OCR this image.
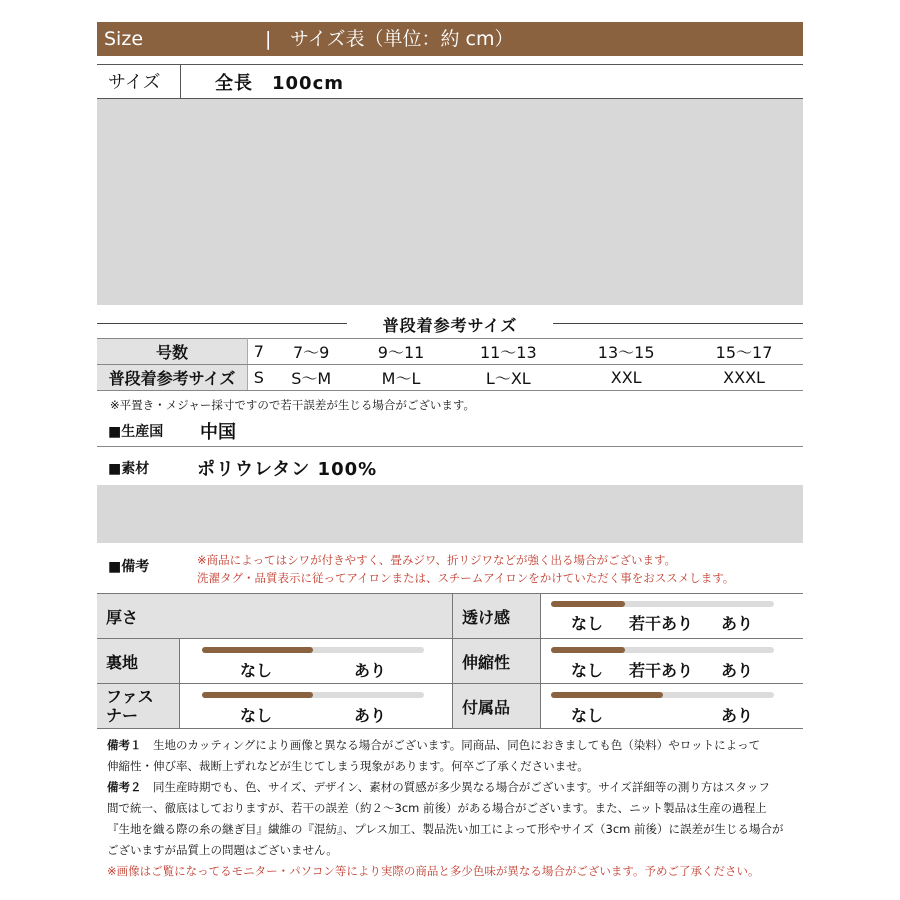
Size	| サイズ表（単位：約 cm）
サイズ	全長　100cm
普段着参考サイズ
号数	7	7〜9	9〜11	11〜13	13〜15	15〜17
普段着参考サイズ	S	S〜M	M〜L	L〜XL	XXL	XXXL
※平置き・メジャー採寸ですので若干誤差が生じる場合がございます。
■生産国 中国
■素材	ポリウレタン 100%
■備考	※商品によってはシワが付きやすく、畳みジワ、折リジワなどが強く出る場合がございます。
洗濯タグ・品質表示に従ってアイロンまたは、スチームアイロンをかけていただく事をおススメします。
厚さ	透け感	なし 若干あり あり
裏地	なし	あり	伸縮性	なし 若干あり あり
ファスナー	なし	あり	付属品	なし	あり
備考１　 生地のカッティングにより画像と異なる場合がございます。同商品、同色におきましても色（染料）やロットによって
伸縮性・伸び率、裁断上ずれなどが生じてしまう現象があります。何卒ご了承くださいませ。
備考２　 同生産時期でも、色、サイズ、デザイン、素材の質感が多少異なる場合がございます。サイズ詳細等の測り方はスタッフ
間で統一、徹底はしておりますが、若干の誤差（約２〜3cm 前後）がある場合がございます。また、ニット製品は生産の過程上
『生地を織る際の糸の継ぎ目』繊維の『混紡』、プレス加工、製品洗い加工によって形やサイズ（3cm 前後）に誤差が生じる場合が
ございますが品質上の問題はございません。
※画像はご覧になってるモニター・パソコン等により実際の商品と多少色味が異なる場合がございます。予めご了承ください。
